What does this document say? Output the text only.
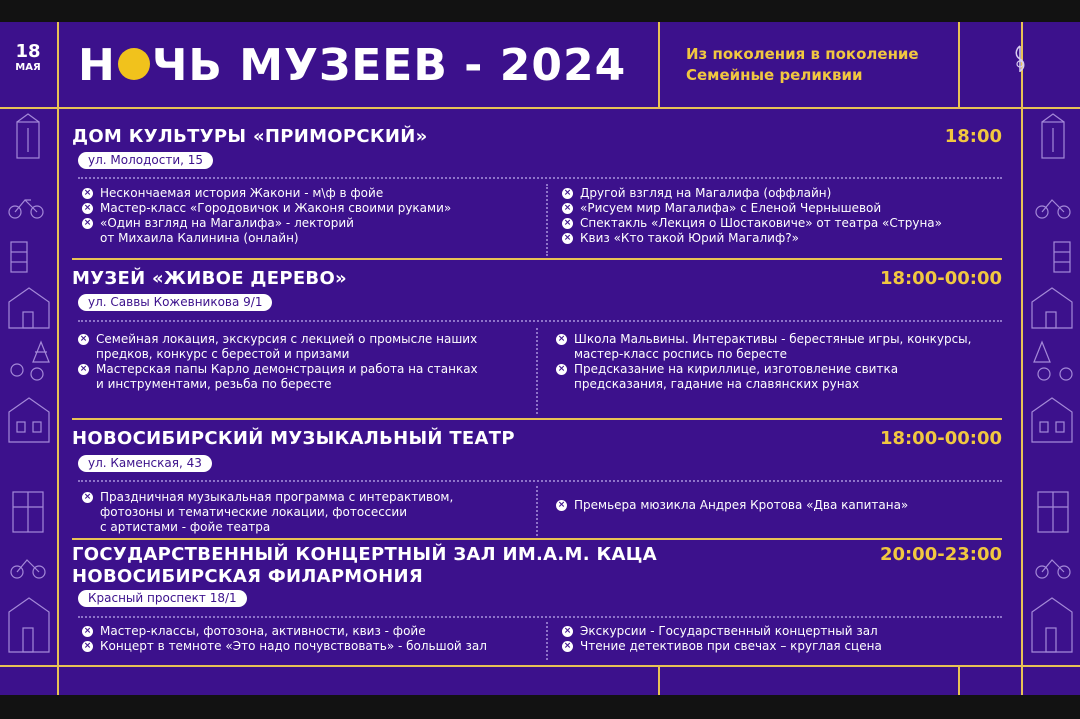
18
МАЯ Н ЧЬ МУЗЕЕВ - 2024	Из поколения в поколение
Семейные реликвии
ДОМ КУЛЬТУРЫ «ПРИМОРСКИЙ»	18:00
ул. Молодости, 15
× Нескончаемая история Жакони - м\ф в фойе
× Мастер-класс «Городовичок и Жаконя своими руками»
× «Один взгляд на Магалифа» - лекторий
от Михаила Калинина (онлайн)
× Другой взгляд на Магалифа (оффлайн)
× «Рисуем мир Магалифа» с Еленой Чернышевой
× Спектакль «Лекция о Шостаковиче» от театра «Струна»
× Квиз «Кто такой Юрий Магалиф?»
МУЗЕЙ «ЖИВОЕ ДЕРЕВО»	18:00-00:00
ул. Саввы Кожевникова 9/1
× Семейная локация, экскурсия с лекцией о промысле наших
предков, конкурс с берестой и призами
× Мастерская папы Карло демонстрация и работа на станках
и инструментами, резьба по бересте
× Школа Мальвины. Интерактивы - берестяные игры, конкурсы,
мастер-класс роспись по бересте
× Предсказание на кириллице, изготовление свитка
предсказания, гадание на славянских рунах
НОВОСИБИРСКИЙ МУЗЫКАЛЬНЫЙ ТЕАТР	18:00-00:00
ул. Каменская, 43
× Праздничная музыкальная программа с интерактивом,
фотозоны и тематические локации, фотосессии
с артистами - фойе театра
× Премьера мюзикла Андрея Кротова «Два капитана»
ГОСУДАРСТВЕННЫЙ КОНЦЕРТНЫЙ ЗАЛ ИМ.А.М. КАЦА
НОВОСИБИРСКАЯ ФИЛАРМОНИЯ
20:00-23:00
Красный проспект 18/1
× Мастер-классы, фотозона, активности, квиз - фойе
× Концерт в темноте «Это надо почувствовать» - большой зал
× Экскурсии - Государственный концертный зал
× Чтение детективов при свечах – круглая сцена
